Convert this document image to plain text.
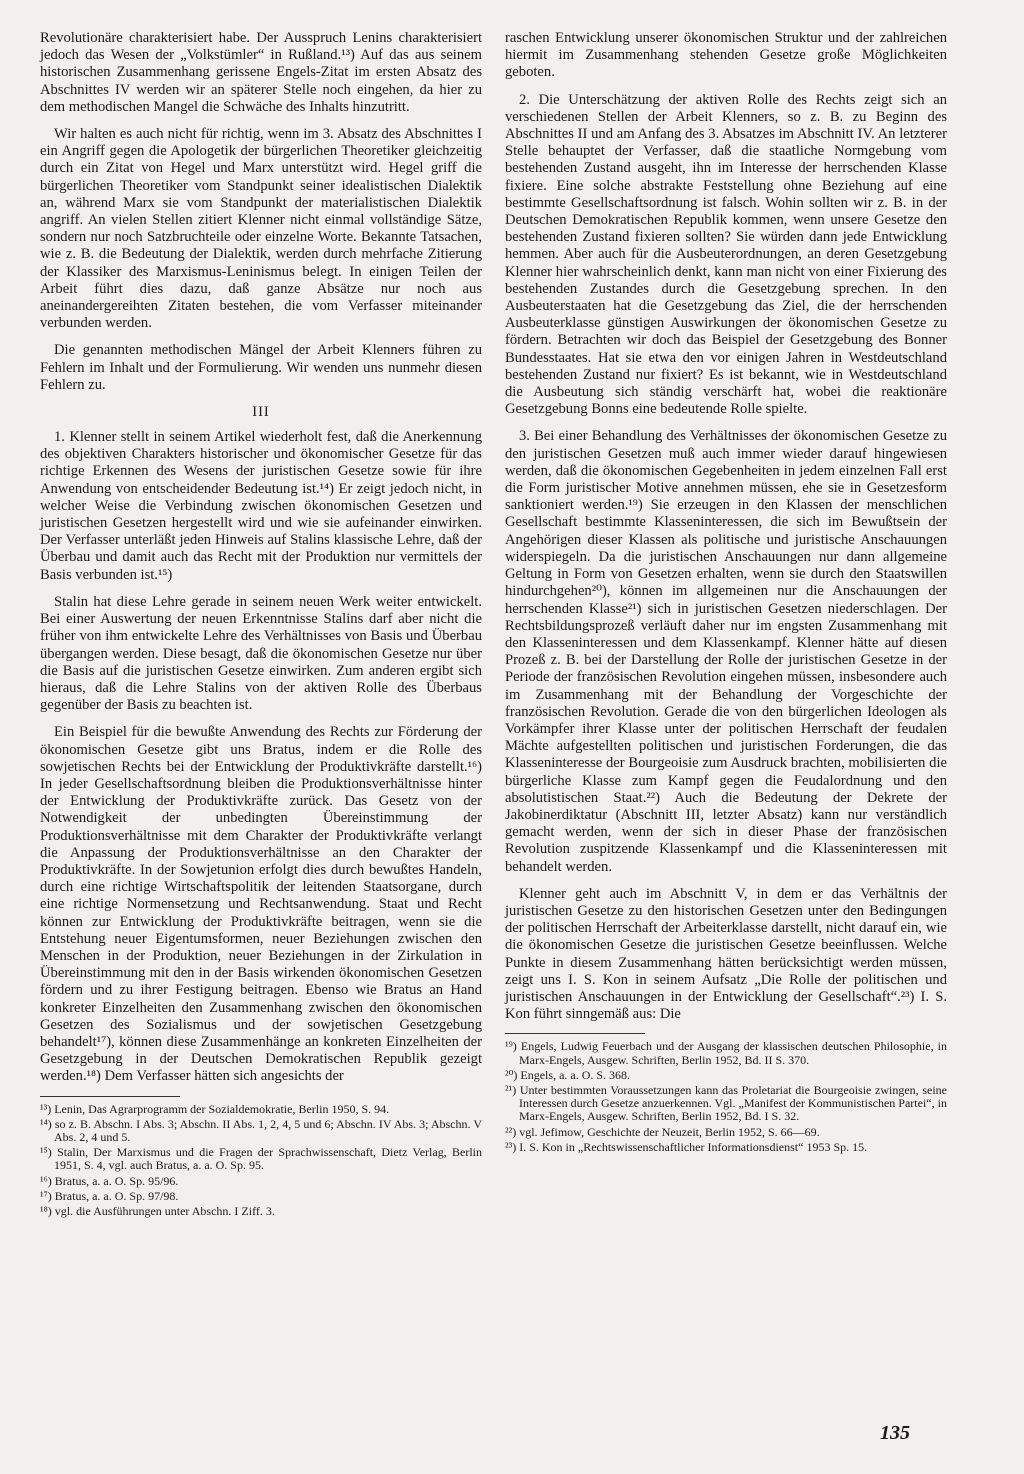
Revolutionäre charakterisiert habe. Der Ausspruch Lenins charakterisiert jedoch das Wesen der „Volkstümler“ in Rußland.¹³) Auf das aus seinem historischen Zusammenhang gerissene Engels-Zitat im ersten Absatz des Abschnittes IV werden wir an späterer Stelle noch eingehen, da hier zu dem methodischen Mangel die Schwäche des Inhalts hinzutritt.

Wir halten es auch nicht für richtig, wenn im 3. Absatz des Abschnittes I ein Angriff gegen die Apologetik der bürgerlichen Theoretiker gleichzeitig durch ein Zitat von Hegel und Marx unterstützt wird. Hegel griff die bürgerlichen Theoretiker vom Standpunkt seiner idealistischen Dialektik an, während Marx sie vom Standpunkt der materialistischen Dialektik angriff. An vielen Stellen zitiert Klenner nicht einmal vollständige Sätze, sondern nur noch Satzbruchteile oder einzelne Worte. Bekannte Tatsachen, wie z. B. die Bedeutung der Dialektik, werden durch mehrfache Zitierung der Klassiker des Marxismus-Leninismus belegt. In einigen Teilen der Arbeit führt dies dazu, daß ganze Absätze nur noch aus aneinandergereihten Zitaten bestehen, die vom Verfasser miteinander verbunden werden.

Die genannten methodischen Mängel der Arbeit Klenners führen zu Fehlern im Inhalt und der Formulierung. Wir wenden uns nunmehr diesen Fehlern zu.

III

1. Klenner stellt in seinem Artikel wiederholt fest, daß die Anerkennung des objektiven Charakters historischer und ökonomischer Gesetze für das richtige Erkennen des Wesens der juristischen Gesetze sowie für ihre Anwendung von entscheidender Bedeutung ist.¹⁴) Er zeigt jedoch nicht, in welcher Weise die Verbindung zwischen ökonomischen Gesetzen und juristischen Gesetzen hergestellt wird und wie sie aufeinander einwirken. Der Verfasser unterläßt jeden Hinweis auf Stalins klassische Lehre, daß der Überbau und damit auch das Recht mit der Produktion nur vermittels der Basis verbunden ist.¹⁵)

Stalin hat diese Lehre gerade in seinem neuen Werk weiter entwickelt. Bei einer Auswertung der neuen Erkenntnisse Stalins darf aber nicht die früher von ihm entwickelte Lehre des Verhältnisses von Basis und Überbau übergangen werden. Diese besagt, daß die ökonomischen Gesetze nur über die Basis auf die juristischen Gesetze einwirken. Zum anderen ergibt sich hieraus, daß die Lehre Stalins von der aktiven Rolle des Überbaus gegenüber der Basis zu beachten ist.

Ein Beispiel für die bewußte Anwendung des Rechts zur Förderung der ökonomischen Gesetze gibt uns Bratus, indem er die Rolle des sowjetischen Rechts bei der Entwicklung der Produktivkräfte darstellt.¹⁶) In jeder Gesellschaftsordnung bleiben die Produktionsverhältnisse hinter der Entwicklung der Produktivkräfte zurück. Das Gesetz von der Notwendigkeit der unbedingten Übereinstimmung der Produktionsverhältnisse mit dem Charakter der Produktivkräfte verlangt die Anpassung der Produktionsverhältnisse an den Charakter der Produktivkräfte. In der Sowjetunion erfolgt dies durch bewußtes Handeln, durch eine richtige Wirtschaftspolitik der leitenden Staatsorgane, durch eine richtige Normensetzung und Rechtsanwendung. Staat und Recht können zur Entwicklung der Produktivkräfte beitragen, wenn sie die Entstehung neuer Eigentumsformen, neuer Beziehungen zwischen den Menschen in der Produktion, neuer Beziehungen in der Zirkulation in Übereinstimmung mit den in der Basis wirkenden ökonomischen Gesetzen fördern und zu ihrer Festigung beitragen. Ebenso wie Bratus an Hand konkreter Einzelheiten den Zusammenhang zwischen den ökonomischen Gesetzen des Sozialismus und der sowjetischen Gesetzgebung behandelt¹⁷), können diese Zusammenhänge an konkreten Einzelheiten der Gesetzgebung in der Deutschen Demokratischen Republik gezeigt werden.¹⁸) Dem Verfasser hätten sich angesichts der

¹³) Lenin, Das Agrarprogramm der Sozialdemokratie, Berlin 1950, S. 94.

¹⁴) so z. B. Abschn. I Abs. 3; Abschn. II Abs. 1, 2, 4, 5 und 6; Abschn. IV Abs. 3; Abschn. V Abs. 2, 4 und 5.

¹⁵) Stalin, Der Marxismus und die Fragen der Sprachwissenschaft, Dietz Verlag, Berlin 1951, S. 4, vgl. auch Bratus, a. a. O. Sp. 95.

¹⁶) Bratus, a. a. O. Sp. 95/96.

¹⁷) Bratus, a. a. O. Sp. 97/98.

¹⁸) vgl. die Ausführungen unter Abschn. I Ziff. 3.

raschen Entwicklung unserer ökonomischen Struktur und der zahlreichen hiermit im Zusammenhang stehenden Gesetze große Möglichkeiten geboten.

2. Die Unterschätzung der aktiven Rolle des Rechts zeigt sich an verschiedenen Stellen der Arbeit Klenners, so z. B. zu Beginn des Abschnittes II und am Anfang des 3. Absatzes im Abschnitt IV. An letzterer Stelle behauptet der Verfasser, daß die staatliche Normgebung vom bestehenden Zustand ausgeht, ihn im Interesse der herrschenden Klasse fixiere. Eine solche abstrakte Feststellung ohne Beziehung auf eine bestimmte Gesellschaftsordnung ist falsch. Wohin sollten wir z. B. in der Deutschen Demokratischen Republik kommen, wenn unsere Gesetze den bestehenden Zustand fixieren sollten? Sie würden dann jede Entwicklung hemmen. Aber auch für die Ausbeuterordnungen, an deren Gesetzgebung Klenner hier wahrscheinlich denkt, kann man nicht von einer Fixierung des bestehenden Zustandes durch die Gesetzgebung sprechen. In den Ausbeuterstaaten hat die Gesetzgebung das Ziel, die der herrschenden Ausbeuterklasse günstigen Auswirkungen der ökonomischen Gesetze zu fördern. Betrachten wir doch das Beispiel der Gesetzgebung des Bonner Bundesstaates. Hat sie etwa den vor einigen Jahren in Westdeutschland bestehenden Zustand nur fixiert? Es ist bekannt, wie in Westdeutschland die Ausbeutung sich ständig verschärft hat, wobei die reaktionäre Gesetzgebung Bonns eine bedeutende Rolle spielte.

3. Bei einer Behandlung des Verhältnisses der ökonomischen Gesetze zu den juristischen Gesetzen muß auch immer wieder darauf hingewiesen werden, daß die ökonomischen Gegebenheiten in jedem einzelnen Fall erst die Form juristischer Motive annehmen müssen, ehe sie in Gesetzesform sanktioniert werden.¹⁹) Sie erzeugen in den Klassen der menschlichen Gesellschaft bestimmte Klasseninteressen, die sich im Bewußtsein der Angehörigen dieser Klassen als politische und juristische Anschauungen widerspiegeln. Da die juristischen Anschauungen nur dann allgemeine Geltung in Form von Gesetzen erhalten, wenn sie durch den Staatswillen hindurchgehen²⁰), können im allgemeinen nur die Anschauungen der herrschenden Klasse²¹) sich in juristischen Gesetzen niederschlagen. Der Rechtsbildungsprozeß verläuft daher nur im engsten Zusammenhang mit den Klasseninteressen und dem Klassenkampf. Klenner hätte auf diesen Prozeß z. B. bei der Darstellung der Rolle der juristischen Gesetze in der Periode der französischen Revolution eingehen müssen, insbesondere auch im Zusammenhang mit der Behandlung der Vorgeschichte der französischen Revolution. Gerade die von den bürgerlichen Ideologen als Vorkämpfer ihrer Klasse unter der politischen Herrschaft der feudalen Mächte aufgestellten politischen und juristischen Forderungen, die das Klasseninteresse der Bourgeoisie zum Ausdruck brachten, mobilisierten die bürgerliche Klasse zum Kampf gegen die Feudalordnung und den absolutistischen Staat.²²) Auch die Bedeutung der Dekrete der Jakobinerdiktatur (Abschnitt III, letzter Absatz) kann nur verständlich gemacht werden, wenn der sich in dieser Phase der französischen Revolution zuspitzende Klassenkampf und die Klasseninteressen mit behandelt werden.

Klenner geht auch im Abschnitt V, in dem er das Verhältnis der juristischen Gesetze zu den historischen Gesetzen unter den Bedingungen der politischen Herrschaft der Arbeiterklasse darstellt, nicht darauf ein, wie die ökonomischen Gesetze die juristischen Gesetze beeinflussen. Welche Punkte in diesem Zusammenhang hätten berücksichtigt werden müssen, zeigt uns I. S. Kon in seinem Aufsatz „Die Rolle der politischen und juristischen Anschauungen in der Entwicklung der Gesellschaft“.²³) I. S. Kon führt sinngemäß aus: Die

¹⁹) Engels, Ludwig Feuerbach und der Ausgang der klassischen deutschen Philosophie, in Marx-Engels, Ausgew. Schriften, Berlin 1952, Bd. II S. 370.

²⁰) Engels, a. a. O. S. 368.

²¹) Unter bestimmten Voraussetzungen kann das Proletariat die Bourgeoisie zwingen, seine Interessen durch Gesetze anzuerkennen. Vgl. „Manifest der Kommunistischen Partei“, in Marx-Engels, Ausgew. Schriften, Berlin 1952, Bd. I S. 32.

²²) vgl. Jefimow, Geschichte der Neuzeit, Berlin 1952, S. 66—69.

²³) I. S. Kon in „Rechtswissenschaftlicher Informationsdienst“ 1953 Sp. 15.

135
